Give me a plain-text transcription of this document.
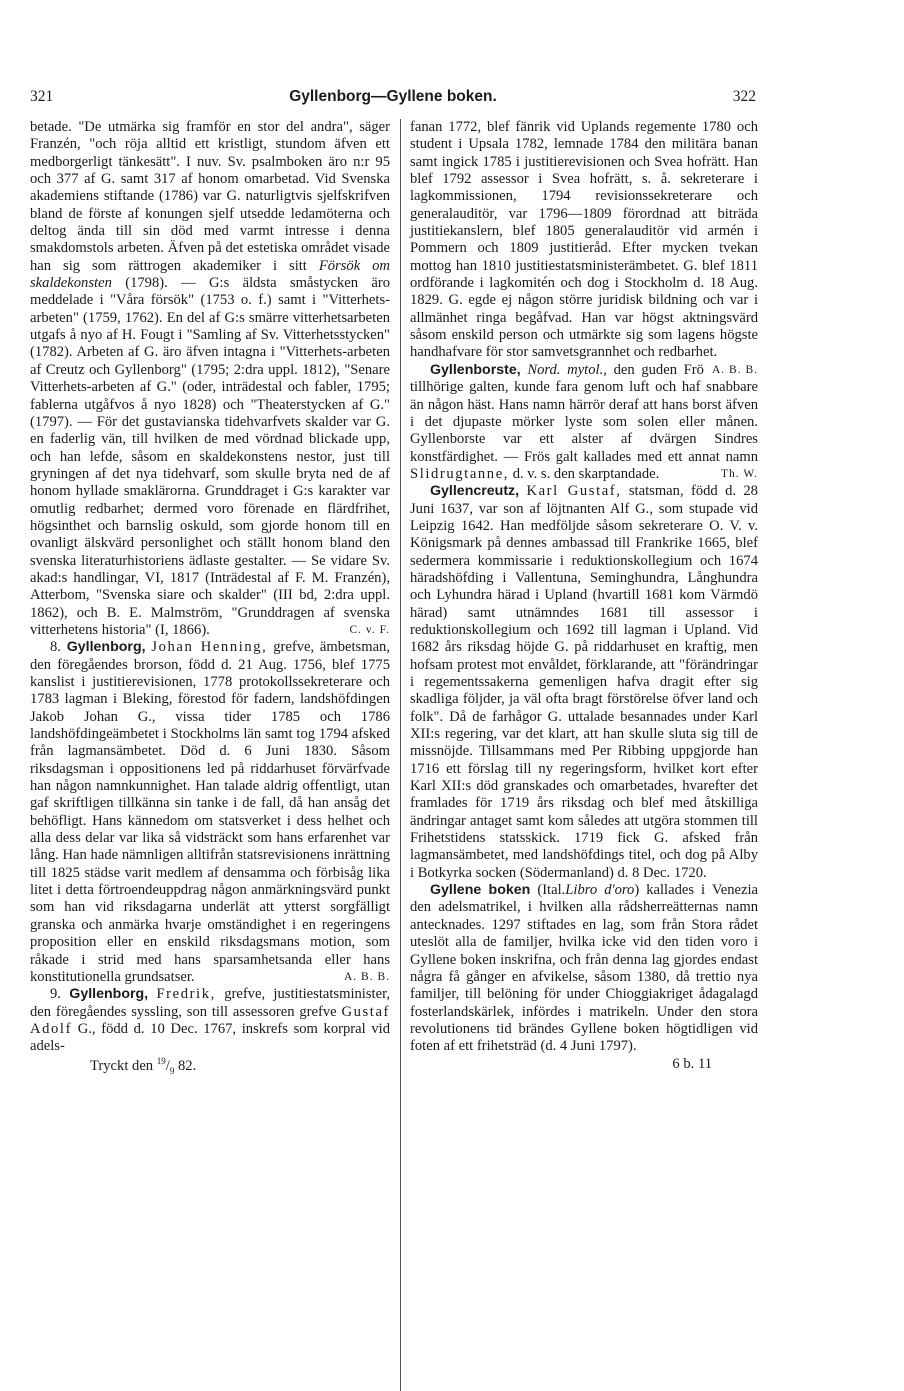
321	Gyllenborg—Gyllene boken.	322

betade. "De utmärka sig framför en stor del andra", säger Franzén, "och röja alltid ett kristligt, stundom äfven ett medborgerligt tänkesätt". I nuv. Sv. psalmboken äro n:r 95 och 377 af G. samt 317 af honom omarbetad. Vid Svenska akademiens stiftande (1786) var G. naturligtvis sjelfskrifven bland de förste af konungen sjelf utsedde ledamöterna och deltog ända till sin död med varmt intresse i denna smakdomstols arbeten. Äfven på det estetiska området visade han sig som rättrogen akademiker i sitt Försök om skaldekonsten (1798). — G:s äldsta småstycken äro meddelade i "Våra försök" (1753 o. f.) samt i "Vitterhets-arbeten" (1759, 1762). En del af G:s smärre vitterhetsarbeten utgafs å nyo af H. Fougt i "Samling af Sv. Vitterhetsstycken" (1782). Arbeten af G. äro äfven intagna i "Vitterhets-arbeten af Creutz och Gyllenborg" (1795; 2:dra uppl. 1812), "Senare Vitterhets-arbeten af G." (oder, inträdestal och fabler, 1795; fablerna utgåfvos å nyo 1828) och "Theaterstycken af G." (1797). — För det gustavianska tidehvarfvets skalder var G. en faderlig vän, till hvilken de med vördnad blickade upp, och han lefde, såsom en skaldekonstens nestor, just till gryningen af det nya tidehvarf, som skulle bryta ned de af honom hyllade smaklärorna. Grunddraget i G:s karakter var omutlig redbarhet; dermed voro förenade en flärdfrihet, högsinthet och barnslig oskuld, som gjorde honom till en ovanligt älskvärd personlighet och ställt honom bland den svenska literaturhistoriens ädlaste gestalter. — Se vidare Sv. akad:s handlingar, VI, 1817 (Inträdestal af F. M. Franzén), Atterbom, "Svenska siare och skalder" (III bd, 2:dra uppl. 1862), och B. E. Malmström, "Grunddragen af svenska vitterhetens historia" (I, 1866).	C. v. F.

8. Gyllenborg, Johan Henning, grefve, ämbetsman, den föregåendes brorson, född d. 21 Aug. 1756, blef 1775 kanslist i justitierevisionen, 1778 protokollssekreterare och 1783 lagman i Bleking, förestod för fadern, landshöfdingen Jakob Johan G., vissa tider 1785 och 1786 landshöfdingeämbetet i Stockholms län samt tog 1794 afsked från lagmansämbetet. Död d. 6 Juni 1830. Såsom riksdagsman i oppositionens led på riddarhuset förvärfvade han någon namnkunnighet. Han talade aldrig offentligt, utan gaf skriftligen tillkänna sin tanke i de fall, då han ansåg det behöfligt. Hans kännedom om statsverket i dess helhet och alla dess delar var lika så vidsträckt som hans erfarenhet var lång. Han hade nämnligen alltifrån statsrevisionens inrättning till 1825 städse varit medlem af densamma och förbisåg lika litet i detta förtroendeuppdrag någon anmärkningsvärd punkt som han vid riksdagarna underlät att ytterst sorgfälligt granska och anmärka hvarje omständighet i en regeringens proposition eller en enskild riksdagsmans motion, som råkade i strid med hans sparsamhetsanda eller hans konstitutionella grundsatser.	A. B. B.

9. Gyllenborg, Fredrik, grefve, justitiestatsminister, den föregåendes syssling, son till assessoren grefve Gustaf Adolf G., född d. 10 Dec. 1767, inskrefs som korpral vid adels-

Tryckt den $^{19}/_9$ 82.

fanan 1772, blef fänrik vid Uplands regemente 1780 och student i Upsala 1782, lemnade 1784 den militära banan samt ingick 1785 i justitierevisionen och Svea hofrätt. Han blef 1792 assessor i Svea hofrätt, s. å. sekreterare i lagkommissionen, 1794 revisionssekreterare och generalauditör, var 1796—1809 förordnad att biträda justitiekanslern, blef 1805 generalauditör vid armén i Pommern och 1809 justitieråd. Efter mycken tvekan mottog han 1810 justitiestatsministerämbetet. G. blef 1811 ordförande i lagkomitén och dog i Stockholm d. 18 Aug. 1829. G. egde ej någon större juridisk bildning och var i allmänhet ringa begåfvad. Han var högst aktningsvärd såsom enskild person och utmärkte sig som lagens högste handhafvare för stor samvetsgrannhet och redbarhet.
A. B. B.

Gyllenborste, Nord. mytol., den guden Frö tillhörige galten, kunde fara genom luft och haf snabbare än någon häst. Hans namn härrör deraf att hans borst äfven i det djupaste mörker lyste som solen eller månen. Gyllenborste var ett alster af dvärgen Sindres konstfärdighet. — Frös galt kallades med ett annat namn Slidrugtanne, d. v. s. den skarptandade.	Th. W.

Gyllencreutz, Karl Gustaf, statsman, född d. 28 Juni 1637, var son af löjtnanten Alf G., som stupade vid Leipzig 1642. Han medföljde såsom sekreterare O. V. v. Königsmark på dennes ambassad till Frankrike 1665, blef sedermera kommissarie i reduktionskollegium och 1674 häradshöfding i Vallentuna, Seminghundra, Långhundra och Lyhundra härad i Upland (hvartill 1681 kom Värmdö härad) samt utnämndes 1681 till assessor i reduktionskollegium och 1692 till lagman i Upland. Vid 1682 års riksdag höjde G. på riddarhuset en kraftig, men hofsam protest mot envåldet, förklarande, att "förändringar i regementssakerna gemenligen hafva dragit efter sig skadliga följder, ja väl ofta bragt förstörelse öfver land och folk". Då de farhågor G. uttalade besannades under Karl XII:s regering, var det klart, att han skulle sluta sig till de missnöjde. Tillsammans med Per Ribbing uppgjorde han 1716 ett förslag till ny regeringsform, hvilket kort efter Karl XII:s död granskades och omarbetades, hvarefter det framlades för 1719 års riksdag och blef med åtskilliga ändringar antaget samt kom således att utgöra stommen till Frihetstidens statsskick. 1719 fick G. afsked från lagmansämbetet, med landshöfdings titel, och dog på Alby i Botkyrka socken (Södermanland) d. 8 Dec. 1720.

Gyllene boken (Ital.Libro d'oro) kallades i Venezia den adelsmatrikel, i hvilken alla rådsherreätternas namn antecknades. 1297 stiftades en lag, som från Stora rådet uteslöt alla de familjer, hvilka icke vid den tiden voro i Gyllene boken inskrifna, och från denna lag gjordes endast några få gånger en afvikelse, såsom 1380, då trettio nya familjer, till belöning för under Chioggiakriget ådagalagd fosterlandskärlek, infördes i matrikeln. Under den stora revolutionens tid brändes Gyllene boken högtidligen vid foten af ett frihetsträd (d. 4 Juni 1797).

6 b. 11
